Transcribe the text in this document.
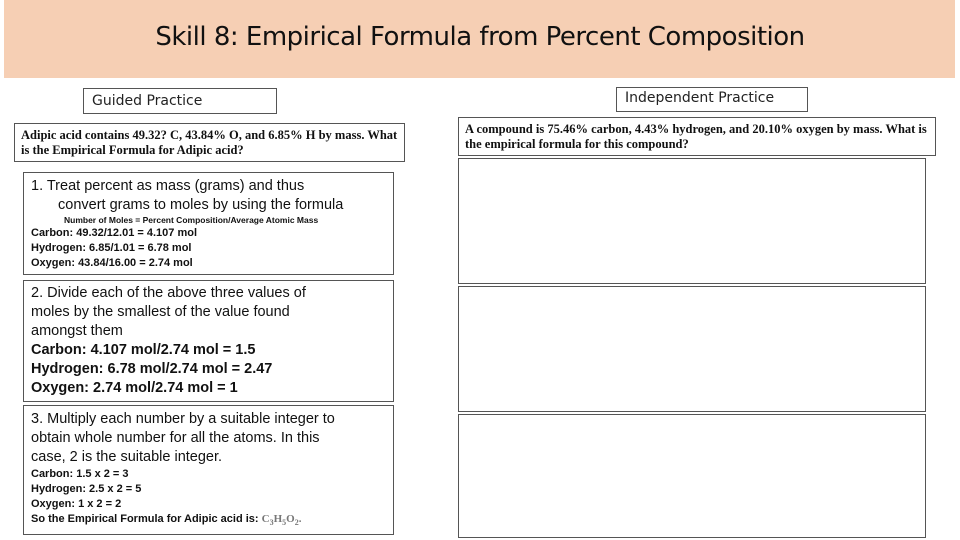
Skill 8: Empirical Formula from Percent Composition
Guided Practice
Adipic acid contains 49.32? C, 43.84% O, and 6.85% H by mass. What is the Empirical Formula for Adipic acid?
1. Treat percent as mass (grams) and thus
convert grams to moles by using the formula
Number of Moles = Percent Composition/Average Atomic Mass
Carbon: 49.32/12.01 = 4.107 mol
Hydrogen: 6.85/1.01 = 6.78 mol
Oxygen: 43.84/16.00 = 2.74 mol
2. Divide each of the above three values of
moles by the smallest of the value found
amongst them
Carbon: 4.107 mol/2.74 mol = 1.5
Hydrogen: 6.78 mol/2.74 mol = 2.47
Oxygen: 2.74 mol/2.74 mol = 1
3. Multiply each number by a suitable integer to
obtain whole number for all the atoms. In this
case, 2 is the suitable integer.
Carbon: 1.5 x 2 = 3
Hydrogen: 2.5 x 2 = 5
Oxygen: 1 x 2 = 2
So the Empirical Formula for Adipic acid is: $C_3H_5O_2$.
Independent Practice
A compound is 75.46% carbon, 4.43% hydrogen, and 20.10% oxygen by mass. What is the empirical formula for this compound?
